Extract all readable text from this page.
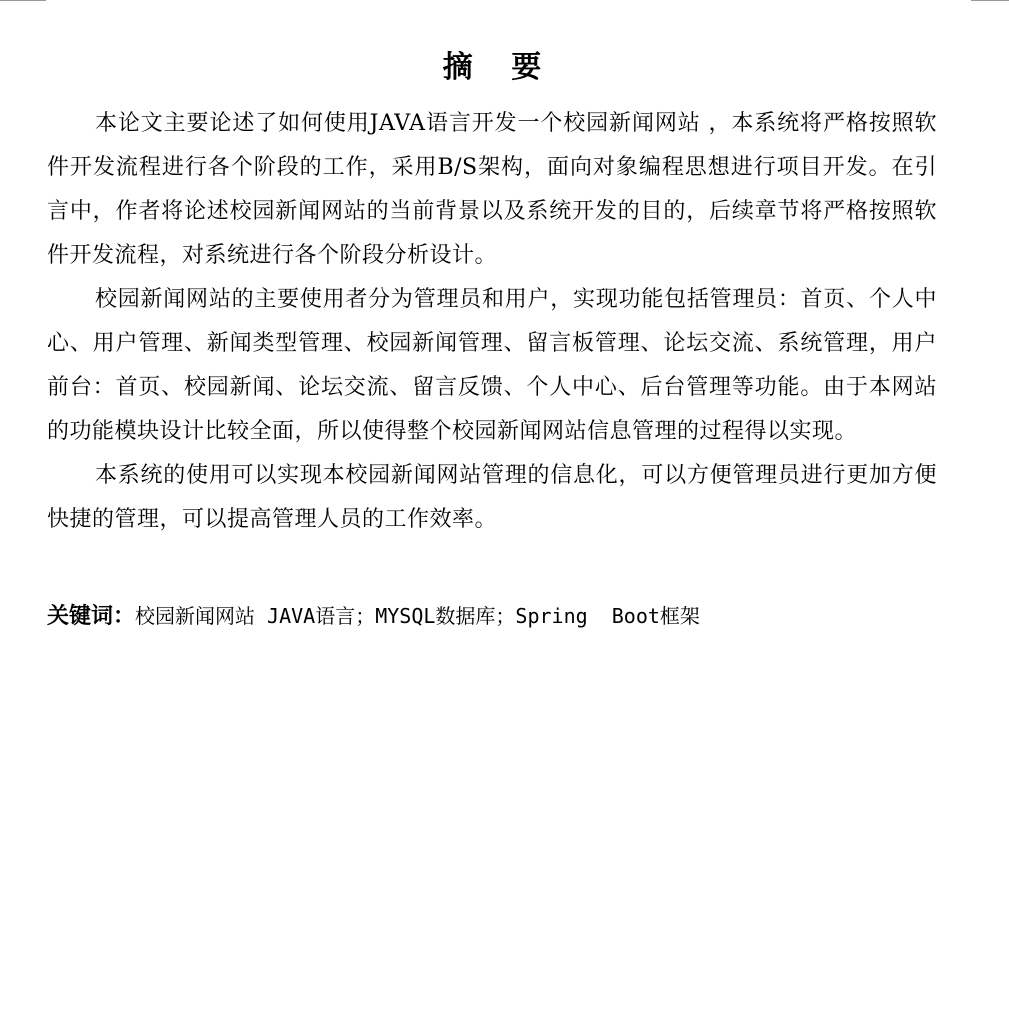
摘 要

本论文主要论述了如何使用JAVA语言开发一个校园新闻网站 ，本系统将严格按照软件开发流程进行各个阶段的工作，采用B/S架构，面向对象编程思想进行项目开发。在引言中，作者将论述校园新闻网站的当前背景以及系统开发的目的，后续章节将严格按照软件开发流程，对系统进行各个阶段分析设计。

校园新闻网站的主要使用者分为管理员和用户，实现功能包括管理员：首页、个人中心、用户管理、新闻类型管理、校园新闻管理、留言板管理、论坛交流、系统管理，用户前台：首页、校园新闻、论坛交流、留言反馈、个人中心、后台管理等功能。由于本网站的功能模块设计比较全面，所以使得整个校园新闻网站信息管理的过程得以实现。

本系统的使用可以实现本校园新闻网站管理的信息化，可以方便管理员进行更加方便快捷的管理，可以提高管理人员的工作效率。

关键词：校园新闻网站 JAVA语言；MYSQL数据库；Spring  Boot框架
